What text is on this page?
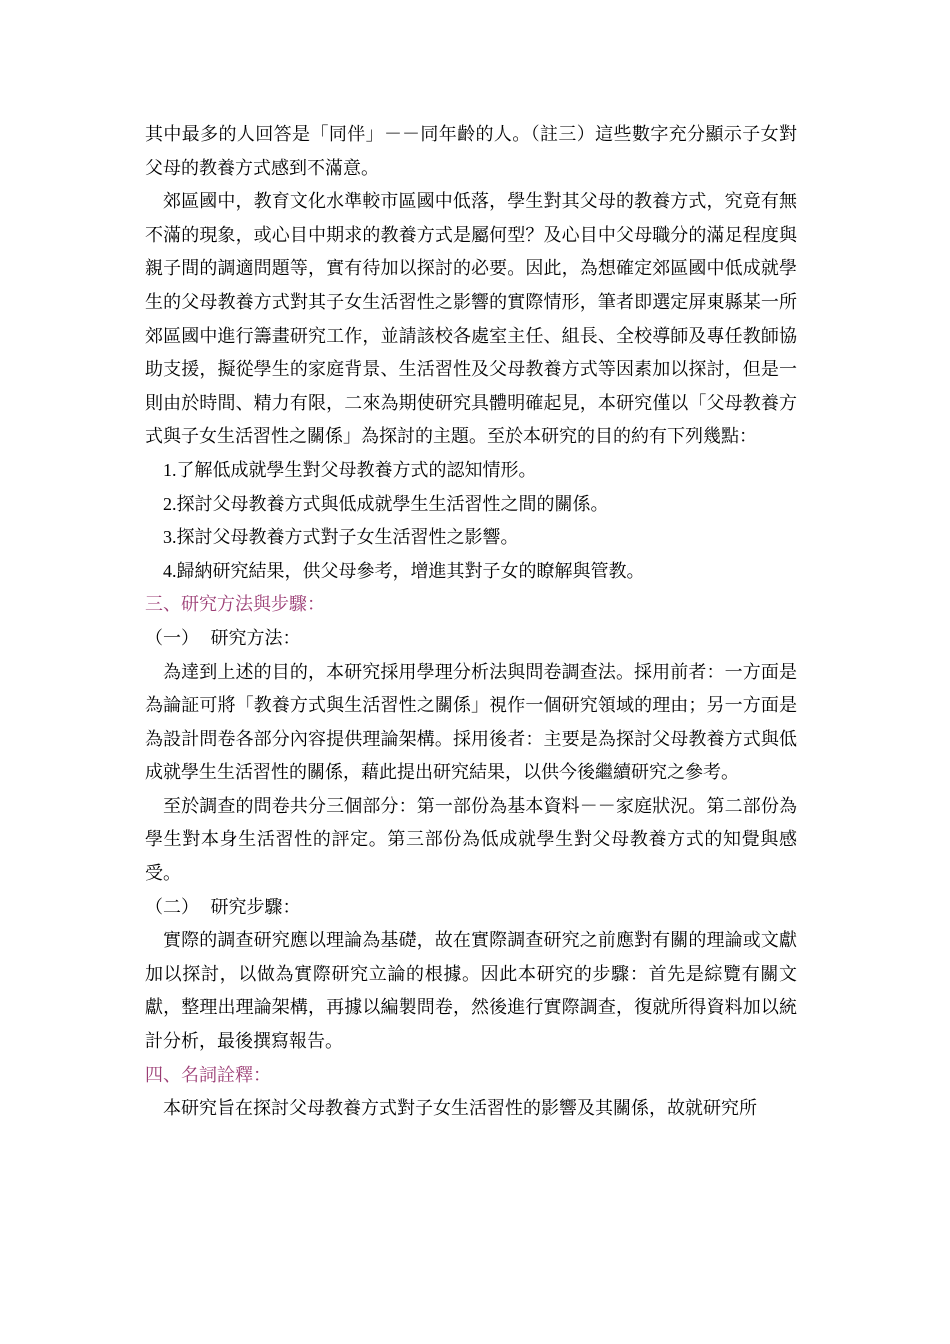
其中最多的人回答是「同伴」－－同年齡的人。（註三）這些數字充分顯示子女對父母的教養方式感到不滿意。

郊區國中，教育文化水準較市區國中低落，學生對其父母的教養方式，究竟有無不滿的現象，或心目中期求的教養方式是屬何型？及心目中父母職分的滿足程度與親子間的調適問題等，實有待加以探討的必要。因此，為想確定郊區國中低成就學生的父母教養方式對其子女生活習性之影響的實際情形，筆者即選定屏東縣某一所郊區國中進行籌畫研究工作，並請該校各處室主任、組長、全校導師及專任教師協助支援，擬從學生的家庭背景、生活習性及父母教養方式等因素加以探討，但是一則由於時間、精力有限，二來為期使研究具體明確起見，本研究僅以「父母教養方式與子女生活習性之關係」為探討的主題。至於本研究的目的約有下列幾點：

1.了解低成就學生對父母教養方式的認知情形。

2.探討父母教養方式與低成就學生生活習性之間的關係。

3.探討父母教養方式對子女生活習性之影響。

4.歸納研究結果，供父母參考，增進其對子女的瞭解與管教。

三、研究方法與步驟：

（一）  研究方法：

為達到上述的目的，本研究採用學理分析法與問卷調查法。採用前者：一方面是為論証可將「教養方式與生活習性之關係」視作一個研究領域的理由；另一方面是為設計問卷各部分內容提供理論架構。採用後者：主要是為探討父母教養方式與低成就學生生活習性的關係，藉此提出研究結果，以供今後繼續研究之參考。

至於調查的問卷共分三個部分：第一部份為基本資料－－家庭狀況。第二部份為學生對本身生活習性的評定。第三部份為低成就學生對父母教養方式的知覺與感受。

（二）  研究步驟：

實際的調查研究應以理論為基礎，故在實際調查研究之前應對有關的理論或文獻加以探討，以做為實際研究立論的根據。因此本研究的步驟：首先是綜覽有關文獻，整理出理論架構，再據以編製問卷，然後進行實際調查，復就所得資料加以統計分析，最後撰寫報告。

四、名詞詮釋：

本研究旨在探討父母教養方式對子女生活習性的影響及其關係，故就研究所
